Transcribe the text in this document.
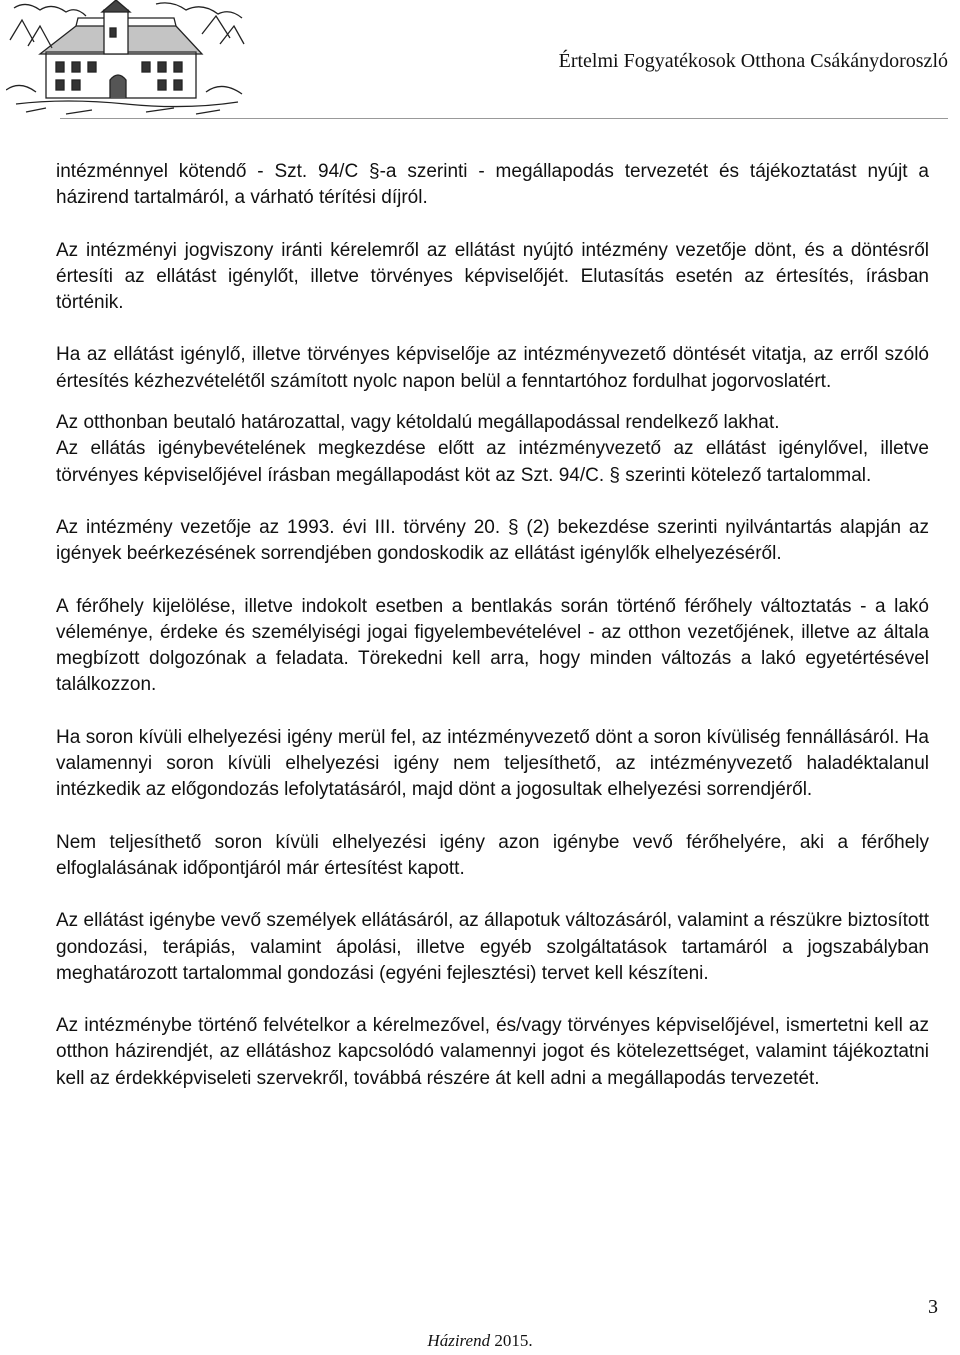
Értelmi Fogyatékosok Otthona Csákánydoroszló

intézménnyel kötendő - Szt. 94/C §-a szerinti - megállapodás tervezetét és tájékoztatást nyújt a házirend tartalmáról, a várható térítési díjról.

Az intézményi jogviszony iránti kérelemről az ellátást nyújtó intézmény vezetője dönt, és a döntésről értesíti az ellátást igénylőt, illetve törvényes képviselőjét. Elutasítás esetén az értesítés, írásban történik.

Ha az ellátást igénylő, illetve törvényes képviselője az intézményvezető döntését vitatja, az erről szóló értesítés kézhezvételétől számított nyolc napon belül a fenntartóhoz fordulhat jogorvoslatért.

Az otthonban beutaló határozattal, vagy kétoldalú megállapodással rendelkező lakhat.

Az ellátás igénybevételének megkezdése előtt az intézményvezető az ellátást igénylővel, illetve törvényes képviselőjével írásban megállapodást köt az Szt. 94/C. § szerinti kötelező tartalommal.

Az intézmény vezetője az 1993. évi III. törvény 20. § (2) bekezdése szerinti nyilvántartás alapján az igények beérkezésének sorrendjében gondoskodik az ellátást igénylők elhelyezéséről.

A férőhely kijelölése, illetve indokolt esetben a bentlakás során történő férőhely változtatás - a lakó véleménye, érdeke és személyiségi jogai figyelembevételével - az otthon vezetőjének, illetve az általa megbízott dolgozónak a feladata. Törekedni kell arra, hogy minden változás a lakó egyetértésével találkozzon.

Ha soron kívüli elhelyezési igény merül fel, az intézményvezető dönt a soron kívüliség fennállásáról. Ha valamennyi soron kívüli elhelyezési igény nem teljesíthető, az intézményvezető haladéktalanul intézkedik az előgondozás lefolytatásáról, majd dönt a jogosultak elhelyezési sorrendjéről.

Nem teljesíthető soron kívüli elhelyezési igény azon igénybe vevő férőhelyére, aki a férőhely elfoglalásának időpontjáról már értesítést kapott.

Az ellátást igénybe vevő személyek ellátásáról, az állapotuk változásáról, valamint a részükre biztosított gondozási, terápiás, valamint ápolási, illetve egyéb szolgáltatások tartamáról a jogszabályban meghatározott tartalommal gondozási (egyéni fejlesztési) tervet kell készíteni.

Az intézménybe történő felvételkor a kérelmezővel, és/vagy törvényes képviselőjével, ismertetni kell az otthon házirendjét, az ellátáshoz kapcsolódó valamennyi jogot és kötelezettséget, valamint tájékoztatni kell az érdekképviseleti szervekről, továbbá részére át kell adni a megállapodás tervezetét.

3
Házirend 2015.
